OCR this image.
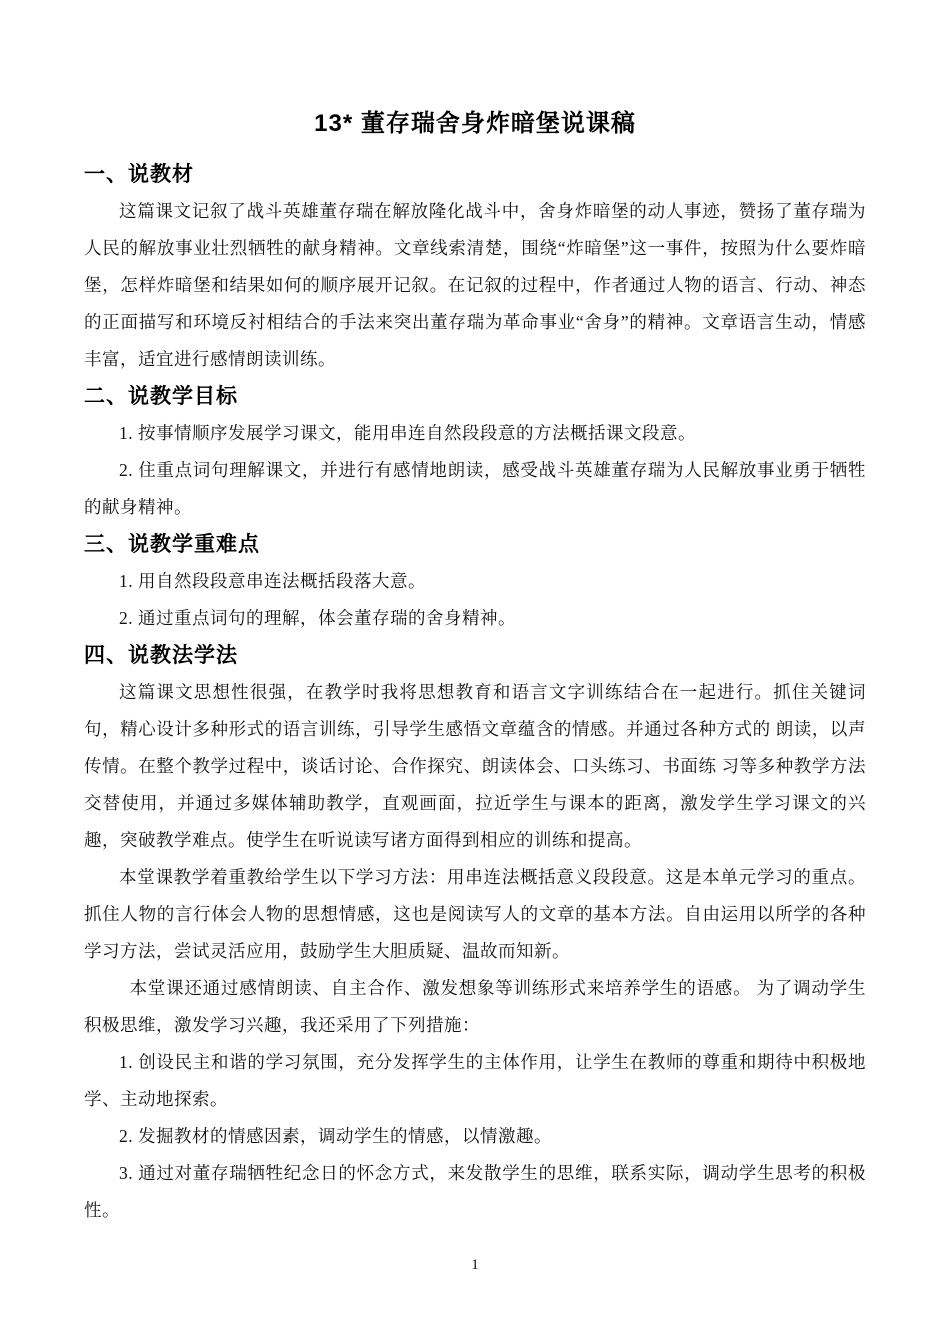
13* 董存瑞舍身炸暗堡说课稿
一、说教材

这篇课文记叙了战斗英雄董存瑞在解放隆化战斗中，舍身炸暗堡的动人事迹，赞扬了董存瑞为人民的解放事业壮烈牺牲的献身精神。文章线索清楚，围绕“炸暗堡”这一事件，按照为什么要炸暗堡，怎样炸暗堡和结果如何的顺序展开记叙。在记叙的过程中，作者通过人物的语言、行动、神态的正面描写和环境反衬相结合的手法来突出董存瑞为革命事业“舍身”的精神。文章语言生动，情感丰富，适宜进行感情朗读训练。

二、说教学目标

1. 按事情顺序发展学习课文，能用串连自然段段意的方法概括课文段意。

2. 住重点词句理解课文，并进行有感情地朗读，感受战斗英雄董存瑞为人民解放事业勇于牺牲的献身精神。

三、说教学重难点

1. 用自然段段意串连法概括段落大意。

2. 通过重点词句的理解，体会董存瑞的舍身精神。

四、说教法学法

这篇课文思想性很强，在教学时我将思想教育和语言文字训练结合在一起进行。抓住关键词句，精心设计多种形式的语言训练，引导学生感悟文章蕴含的情感。并通过各种方式的 朗读，以声传情。在整个教学过程中，谈话讨论、合作探究、朗读体会、口头练习、书面练 习等多种教学方法交替使用，并通过多媒体辅助教学，直观画面，拉近学生与课本的距离，激发学生学习课文的兴趣，突破教学难点。使学生在听说读写诸方面得到相应的训练和提高。

本堂课教学着重教给学生以下学习方法：用串连法概括意义段段意。这是本单元学习的重点。 抓住人物的言行体会人物的思想情感，这也是阅读写人的文章的基本方法。自由运用以所学的各种学习方法，尝试灵活应用，鼓励学生大胆质疑、温故而知新。

本堂课还通过感情朗读、自主合作、激发想象等训练形式来培养学生的语感。 为了调动学生积极思维，激发学习兴趣，我还采用了下列措施：

1. 创设民主和谐的学习氛围，充分发挥学生的主体作用，让学生在教师的尊重和期待中积极地学、主动地探索。

2. 发掘教材的情感因素，调动学生的情感，以情激趣。

3. 通过对董存瑞牺牲纪念日的怀念方式，来发散学生的思维，联系实际，调动学生思考的积极性。

1
